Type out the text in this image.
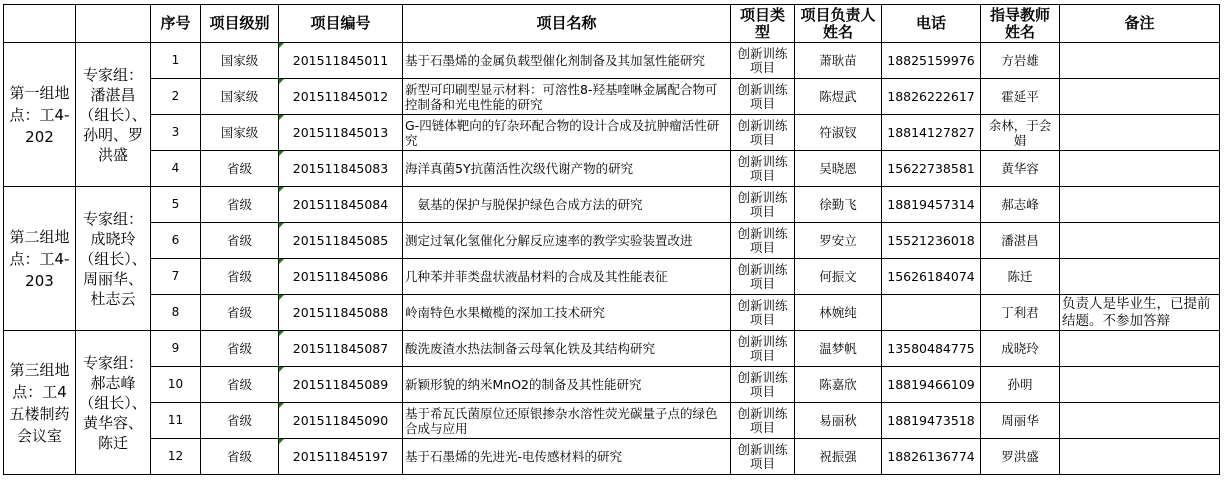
		序号	项目级别	项目编号	项目名称	项目类型	项目负责人姓名	电话	指导教师姓名	备注
第一组地点：工4-202	专家组：潘湛昌（组长）、孙明、罗洪盛	1	国家级	201511845011	基于石墨烯的金属负载型催化剂制备及其加氢性能研究	创新训练项目	萧耿苗	18825159976	方岩雄	
		2	国家级	201511845012	新型可印刷型显示材料：可溶性8-羟基喹啉金属配合物可控制备和光电性能的研究	创新训练项目	陈煜武	18826222617	霍延平	
		3	国家级	201511845013	G-四链体靶向的钌杂环配合物的设计合成及抗肿瘤活性研究	创新训练项目	符淑钗	18814127827	余林，于会娟	
		4	省级	201511845083	海洋真菌5Y抗菌活性次级代谢产物的研究	创新训练项目	吴晓恩	15622738581	黄华容	
第二组地点：工4-203	专家组：成晓玲（组长）、周丽华、杜志云	5	省级	201511845084	　氨基的保护与脱保护绿色合成方法的研究	创新训练项目	徐勤飞	18819457314	郝志峰	
		6	省级	201511845085	测定过氧化氢催化分解反应速率的教学实验装置改进	创新训练项目	罗安立	15521236018	潘湛昌	
		7	省级	201511845086	几种苯并菲类盘状液晶材料的合成及其性能表征	创新训练项目	何振文	15626184074	陈迁	
		8	省级	201511845088	岭南特色水果橄榄的深加工技术研究	创新训练项目	林婉纯		丁利君	负责人是毕业生，已提前结题。不参加答辩
第三组地点：工4五楼制药会议室	专家组：郝志峰（组长）、黄华容、陈迁	9	省级	201511845087	酸洗废渣水热法制备云母氧化铁及其结构研究	创新训练项目	温梦帆	13580484775	成晓玲	
		10	省级	201511845089	新颖形貌的纳米MnO2的制备及其性能研究	创新训练项目	陈嘉欣	18819466109	孙明	
		11	省级	201511845090	基于希瓦氏菌原位还原银掺杂水溶性荧光碳量子点的绿色合成与应用	创新训练项目	易丽秋	18819473518	周丽华	
		12	省级	201511845197	基于石墨烯的先进光-电传感材料的研究	创新训练项目	祝振强	18826136774	罗洪盛	
